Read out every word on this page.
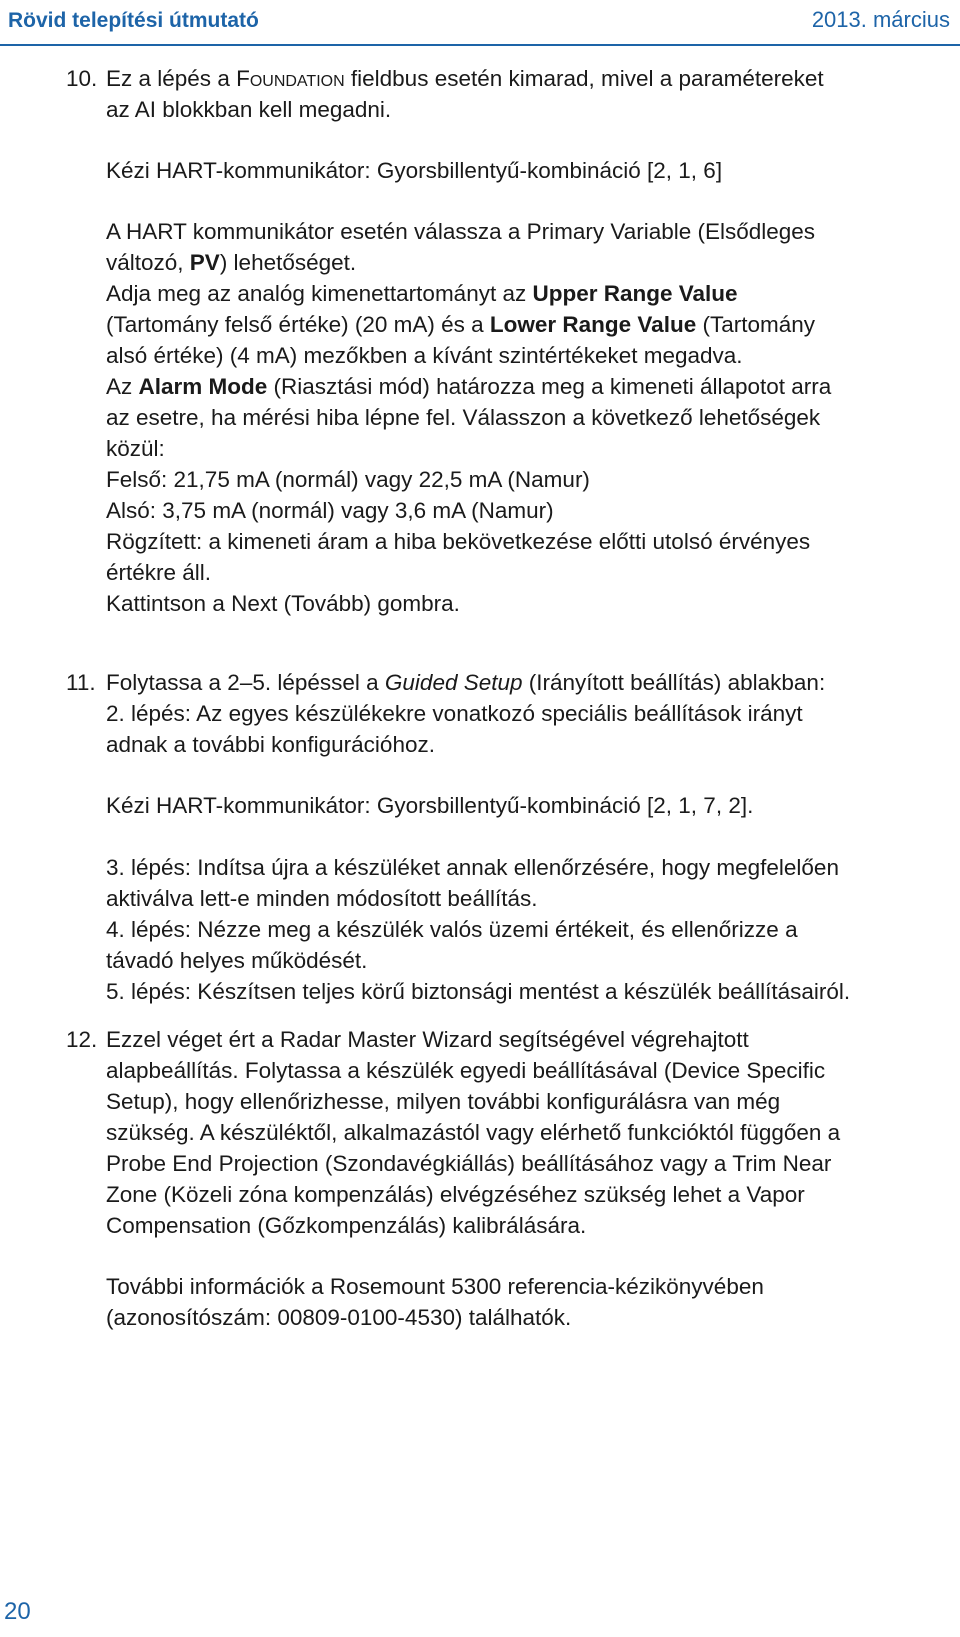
Rövid telepítési útmutató	2013. március
10. Ez a lépés a Foundation fieldbus esetén kimarad, mivel a paramétereket
az AI blokkban kell megadni.
Kézi HART-kommunikátor: Gyorsbillentyű-kombináció [2, 1, 6]
A HART kommunikátor esetén válassza a Primary Variable (Elsődleges
változó, PV) lehetőséget.
Adja meg az analóg kimenettartományt az Upper Range Value
(Tartomány felső értéke) (20 mA) és a Lower Range Value (Tartomány
alsó értéke) (4 mA) mezőkben a kívánt szintértékeket megadva.
Az Alarm Mode (Riasztási mód) határozza meg a kimeneti állapotot arra
az esetre, ha mérési hiba lépne fel. Válasszon a következő lehetőségek
közül:
Felső: 21,75 mA (normál) vagy 22,5 mA (Namur)
Alsó: 3,75 mA (normál) vagy 3,6 mA (Namur)
Rögzített: a kimeneti áram a hiba bekövetkezése előtti utolsó érvényes
értékre áll.
Kattintson a Next (Tovább) gombra.
11. Folytassa a 2–5. lépéssel a Guided Setup (Irányított beállítás) ablakban:
2. lépés: Az egyes készülékekre vonatkozó speciális beállítások irányt
adnak a további konfigurációhoz.
Kézi HART-kommunikátor: Gyorsbillentyű-kombináció [2, 1, 7, 2].
3. lépés: Indítsa újra a készüléket annak ellenőrzésére, hogy megfelelően
aktiválva lett-e minden módosított beállítás.
4. lépés: Nézze meg a készülék valós üzemi értékeit, és ellenőrizze a
távadó helyes működését.
5. lépés: Készítsen teljes körű biztonsági mentést a készülék beállításairól.
12. Ezzel véget ért a Radar Master Wizard segítségével végrehajtott
alapbeállítás. Folytassa a készülék egyedi beállításával (Device Specific
Setup), hogy ellenőrizhesse, milyen további konfigurálásra van még
szükség. A készüléktől, alkalmazástól vagy elérhető funkcióktól függően a
Probe End Projection (Szondavégkiállás) beállításához vagy a Trim Near
Zone (Közeli zóna kompenzálás) elvégzéséhez szükség lehet a Vapor
Compensation (Gőzkompenzálás) kalibrálására.
További információk a Rosemount 5300 referencia-kézikönyvében
(azonosítószám: 00809-0100-4530) találhatók.
20
